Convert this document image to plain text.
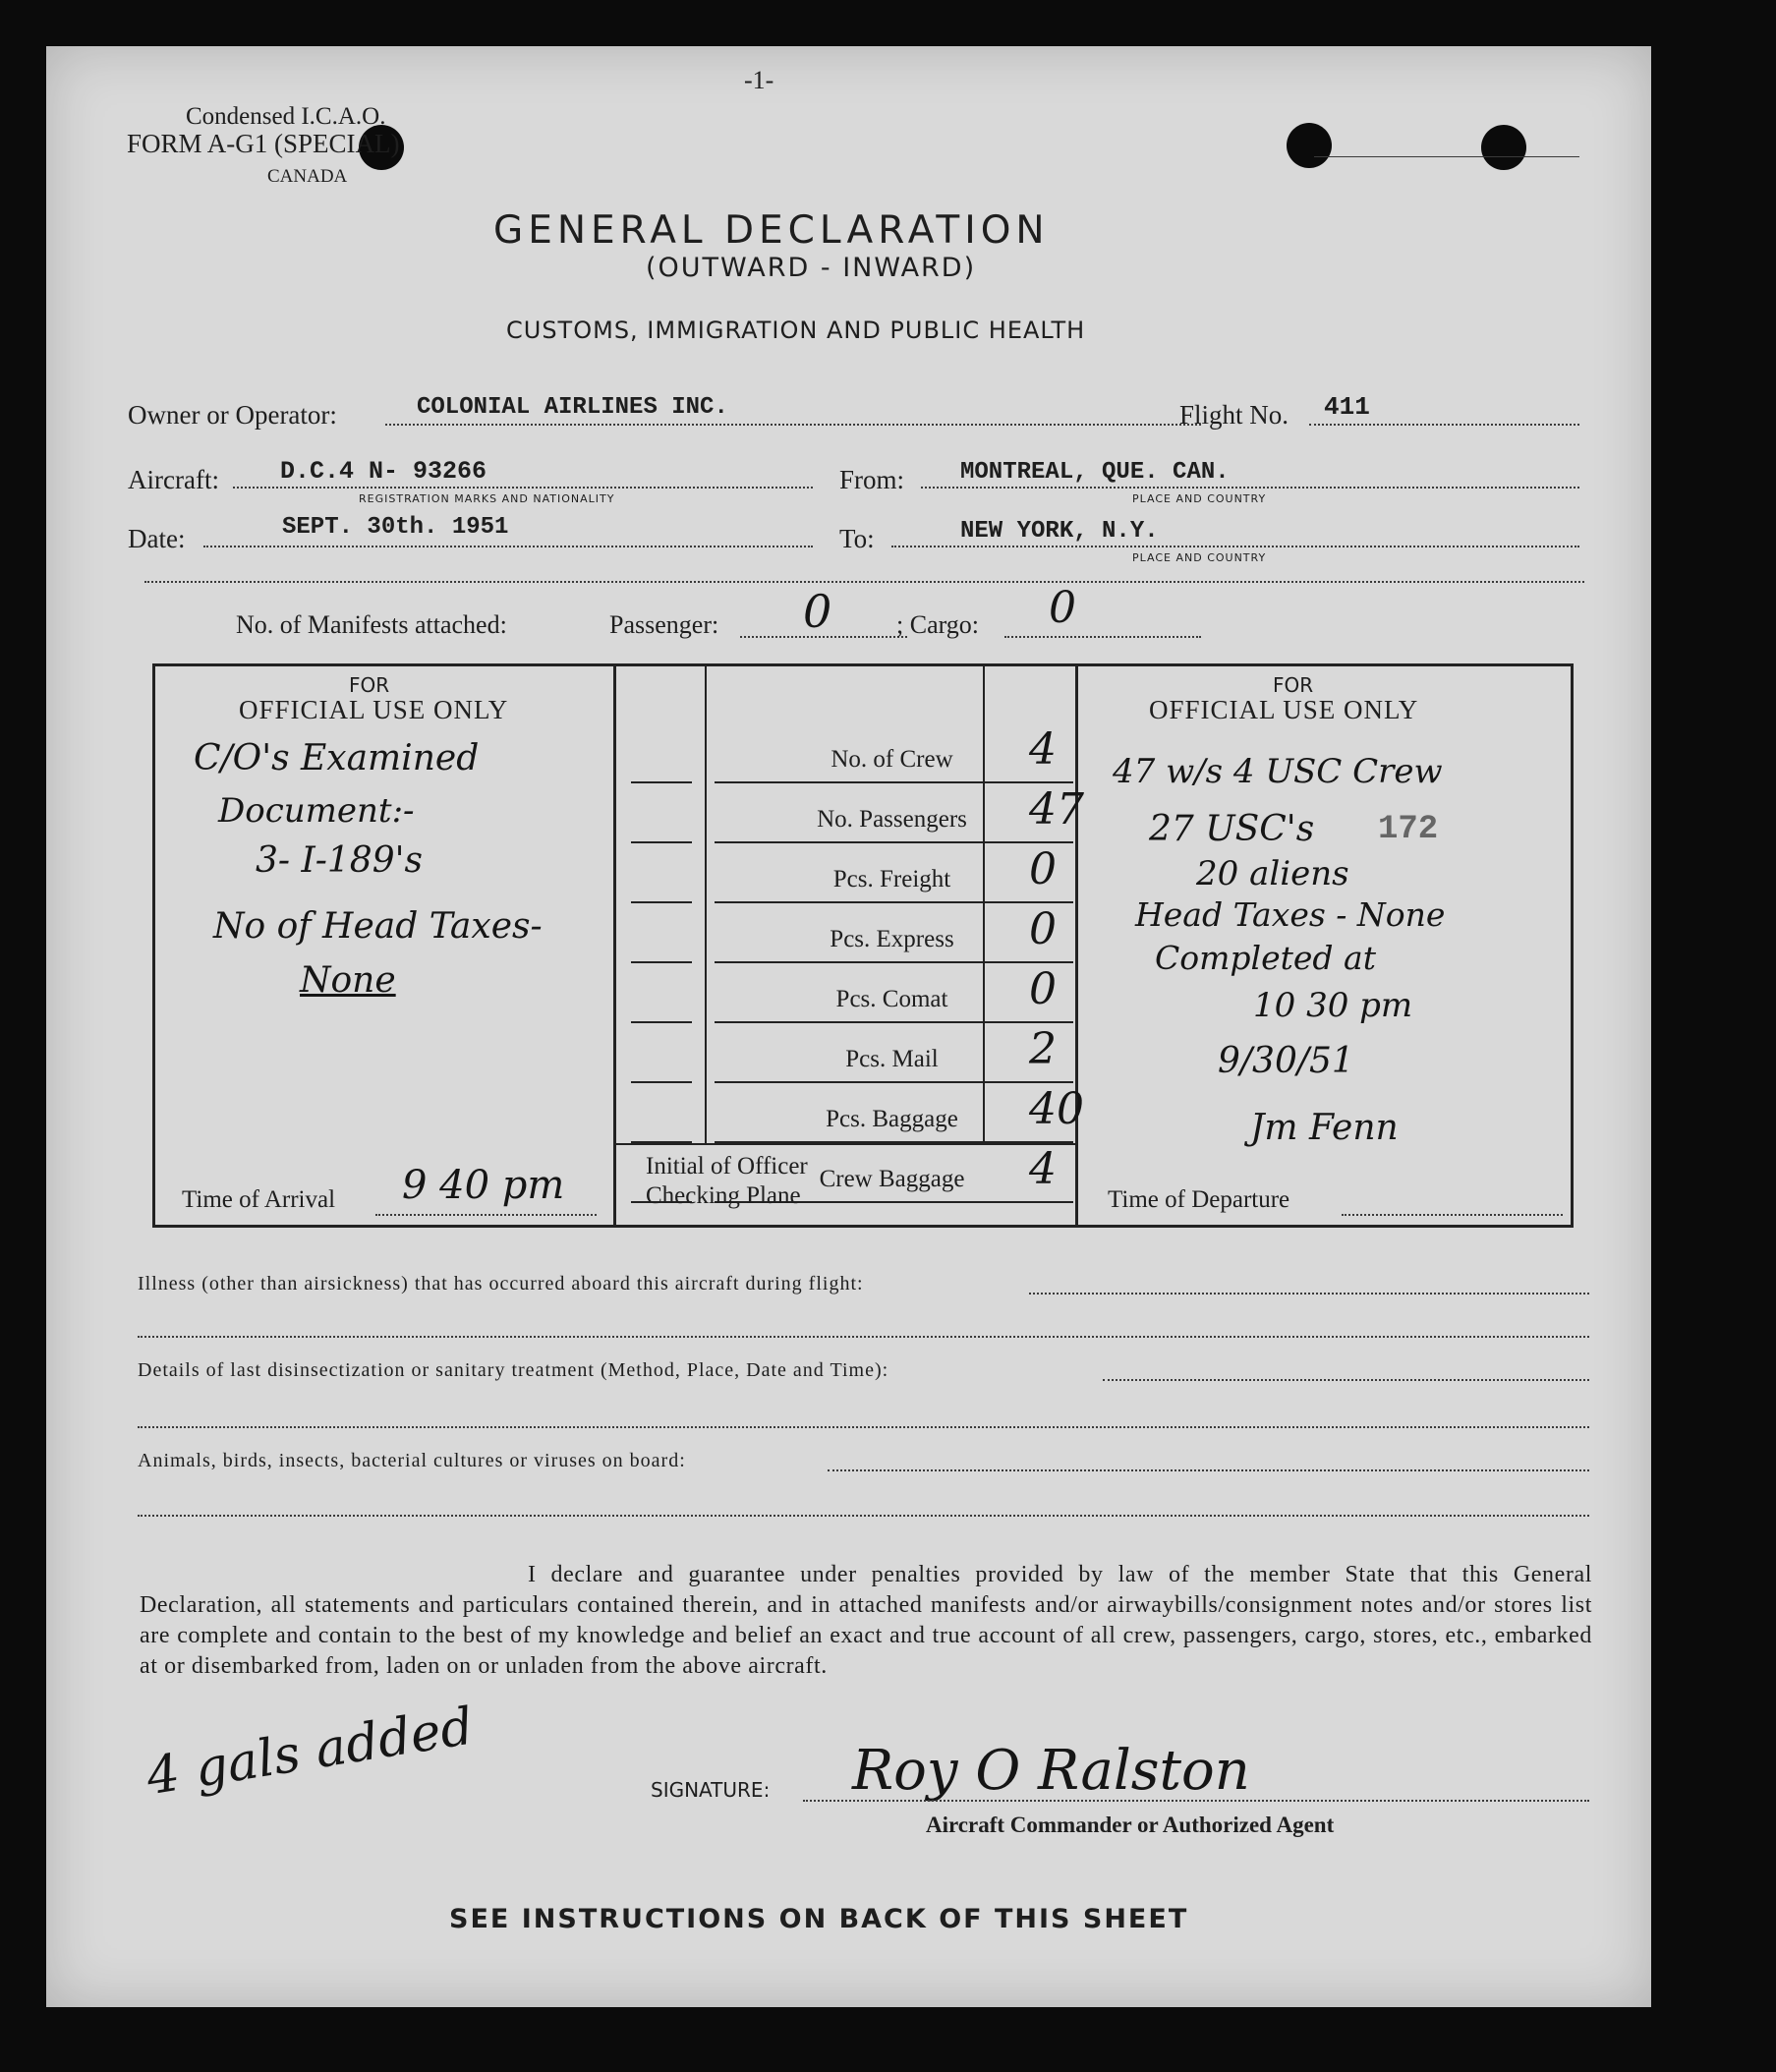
Condensed I.C.A.O.
FORM A-G1 (SPECIAL)
CANADA
-1-
GENERAL DECLARATION
(OUTWARD - INWARD)
CUSTOMS, IMMIGRATION AND PUBLIC HEALTH
Owner or Operator:	COLONIAL AIRLINES INC.	Flight No. 411
Aircraft: D.C.4 N- 93266
REGISTRATION MARKS AND NATIONALITY
From: MONTREAL, QUE. CAN.
PLACE AND COUNTRY
Date:	SEPT. 30th. 1951	To:	NEW YORK, N.Y.
PLACE AND COUNTRY
No. of Manifests attached:	Passenger: 0	; Cargo: 0
FOR
OFFICIAL USE ONLY
C/O's Examined
Document:-
3- I-189's
No of Head Taxes-
None
Time of Arrival 9 40 pm
No. of Crew	4
No. Passengers	47
Pcs. Freight	0
Pcs. Express	0
Pcs. Comat	0
Pcs. Mail	2
Pcs. Baggage	40
Crew Baggage	4
Initial of Officer
Checking Plane
FOR
OFFICIAL USE ONLY
47 w/s 4 USC Crew
27 USC's 172
20 aliens
Head Taxes - None
Completed at
10 30 pm
9/30/51
Jm Fenn
Time of Departure
Illness (other than airsickness) that has occurred aboard this aircraft during flight:
Details of last disinsectization or sanitary treatment (Method, Place, Date and Time):
Animals, birds, insects, bacterial cultures or viruses on board:
I declare and guarantee under penalties provided by law of the member State that this General Declaration, all statements and particulars contained therein, and in attached manifests and/or airwaybills/consignment notes and/or stores list are complete and contain to the best of my knowledge and belief an exact and true account of all crew, passengers, cargo, stores, etc., embarked at or disembarked from, laden on or unladen from the above aircraft.
4 gals added	SIGNATURE: Roy O Ralston
Aircraft Commander or Authorized Agent
SEE INSTRUCTIONS ON BACK OF THIS SHEET
